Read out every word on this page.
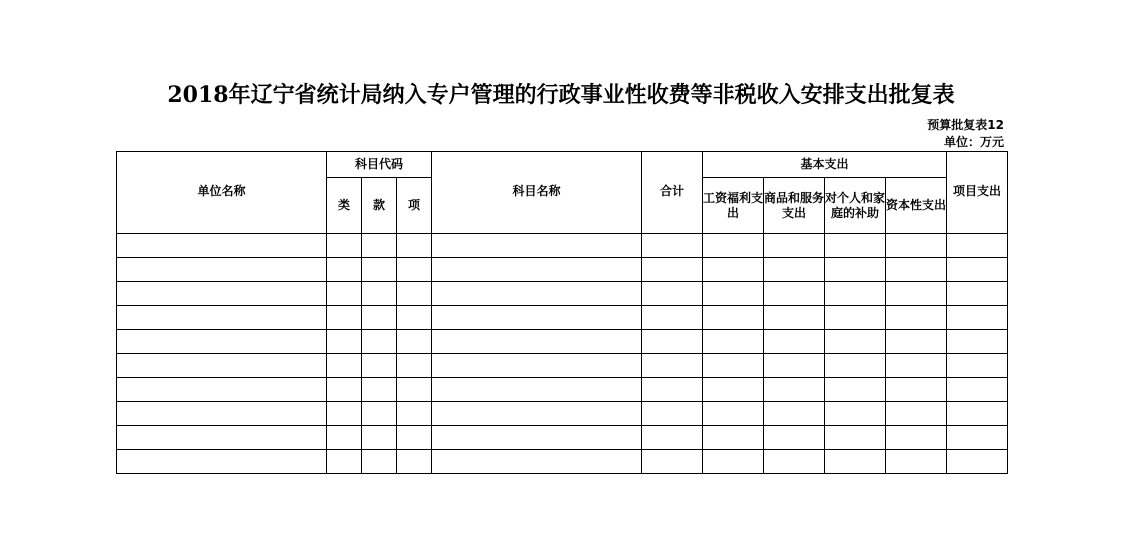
2018年辽宁省统计局纳入专户管理的行政事业性收费等非税收入安排支出批复表
预算批复表12
单位：万元
单位名称	科目代码			科目名称	合计	基本支出				项目支出
	类	款	项			工资福利支出	商品和服务支出	对个人和家庭的补助	资本性支出	
